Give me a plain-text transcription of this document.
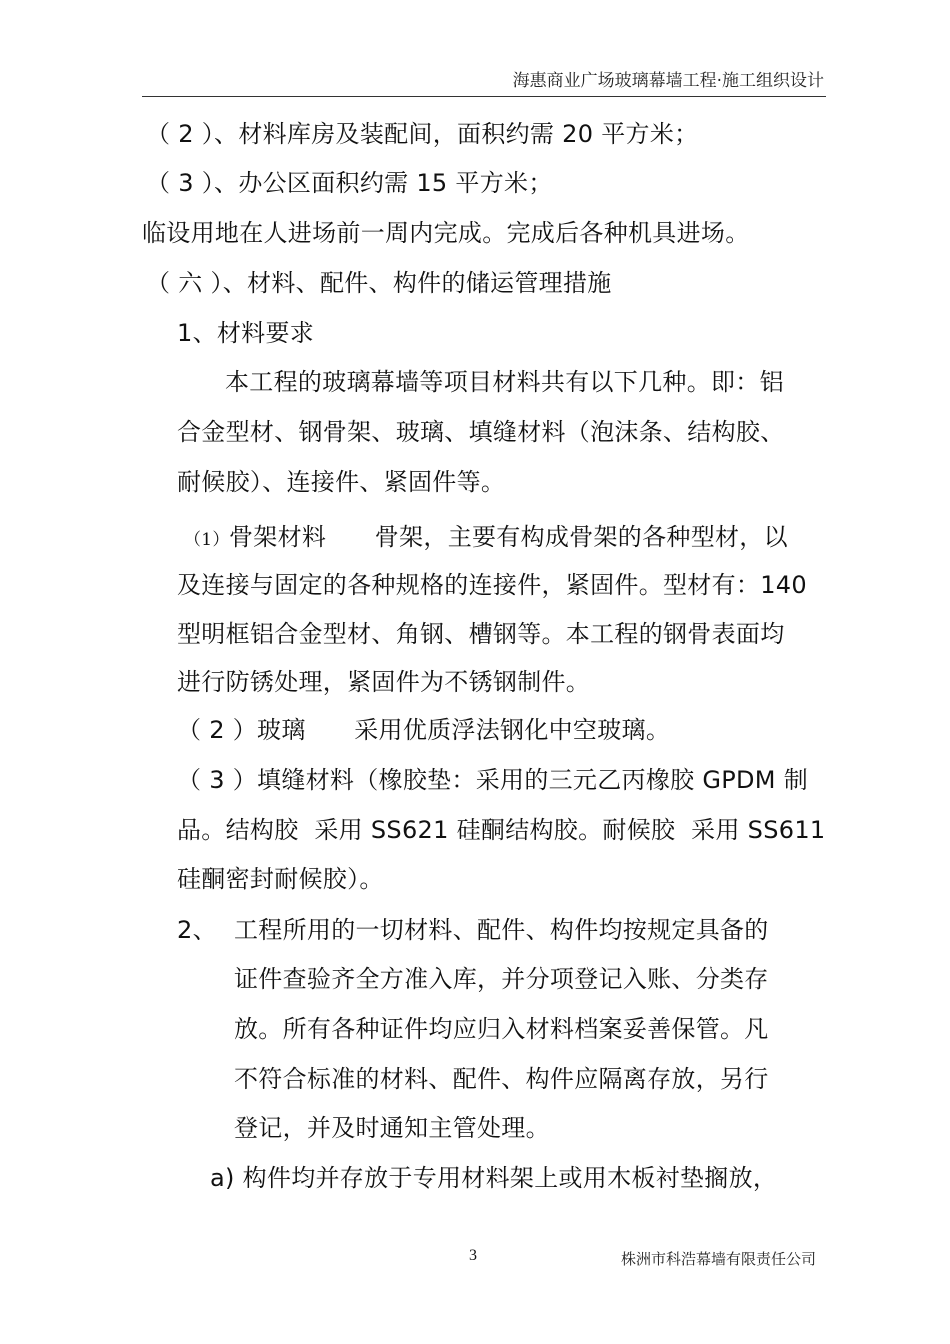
海惠商业广场玻璃幕墙工程·施工组织设计
（ 2 ）、材料库房及装配间，面积约需 20 平方米；
（ 3 ）、办公区面积约需 15 平方米；
临设用地在人进场前一周内完成。完成后各种机具进场。
（ 六 ）、材料、配件、构件的储运管理措施
1、材料要求
本工程的玻璃幕墙等项目材料共有以下几种。即：铝
合金型材、钢骨架、玻璃、填缝材料（泡沫条、结构胶、
耐候胶）、连接件、紧固件等。
（1） 骨架材料　　骨架，主要有构成骨架的各种型材，以
及连接与固定的各种规格的连接件，紧固件。型材有：140
型明框铝合金型材、角钢、槽钢等。本工程的钢骨表面均
进行防锈处理，紧固件为不锈钢制件。
（ 2 ）玻璃　　采用优质浮法钢化中空玻璃。
（ 3 ）填缝材料（橡胶垫：采用的三元乙丙橡胶 GPDM 制
品。结构胶  采用 SS621 硅酮结构胶。耐候胶  采用 SS611
硅酮密封耐候胶）。
2、 工程所用的一切材料、配件、构件均按规定具备的
证件查验齐全方准入库，并分项登记入账、分类存
放。所有各种证件均应归入材料档案妥善保管。凡
不符合标准的材料、配件、构件应隔离存放，另行
登记，并及时通知主管处理。
a) 构件均并存放于专用材料架上或用木板衬垫搁放，
3	株洲市科浩幕墙有限责任公司
